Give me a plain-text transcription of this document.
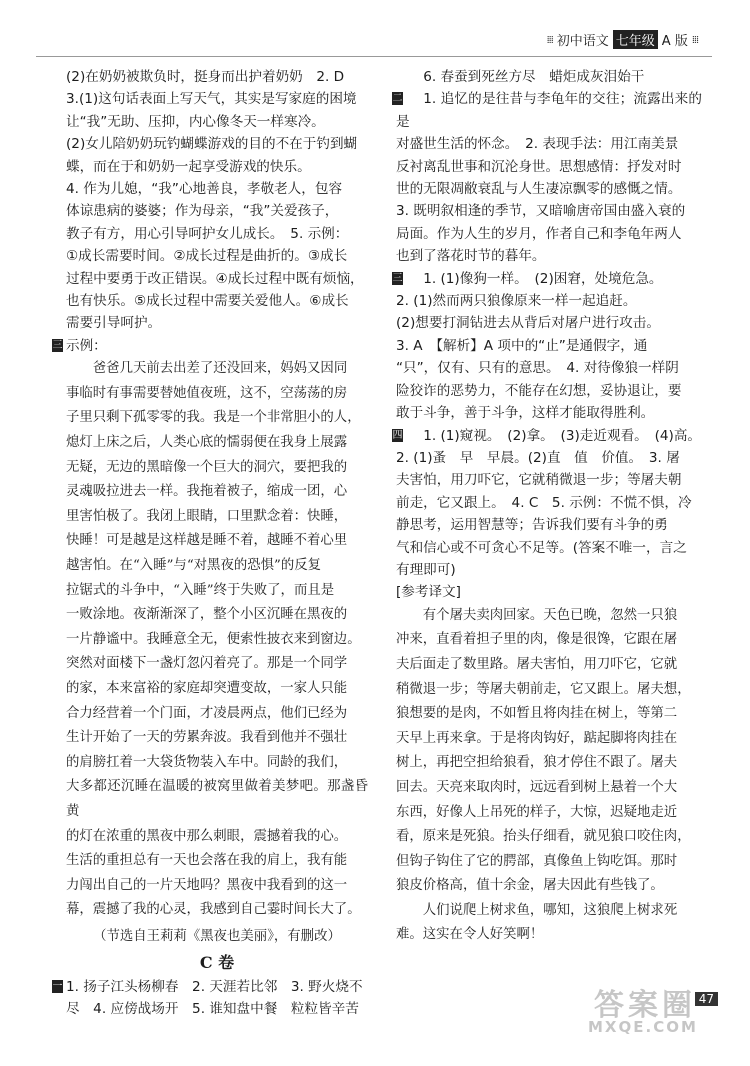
⁞⁞⁞ 初中语文 七年级 A 版 ⁞⁞⁞

(2)在奶奶被欺负时，挺身而出护着奶奶　2. D

3.(1)这句话表面上写天气，其实是写家庭的困境

让“我”无助、压抑，内心像冬天一样寒冷。

(2)女儿陪奶奶玩钓蝴蝶游戏的目的不在于钓到蝴

蝶，而在于和奶奶一起享受游戏的快乐。

4. 作为儿媳，“我”心地善良，孝敬老人，包容

体谅患病的婆婆；作为母亲，“我”关爱孩子，

教子有方，用心引导呵护女儿成长。　5. 示例：

①成长需要时间。②成长过程是曲折的。③成长

过程中要勇于改正错误。④成长过程中既有烦恼，

也有快乐。⑤成长过程中需要关爱他人。⑥成长

需要引导呵护。

三 示例：

爸爸几天前去出差了还没回来，妈妈又因同

事临时有事需要替她值夜班，这不，空荡荡的房

子里只剩下孤零零的我。我是一个非常胆小的人，

熄灯上床之后，人类心底的懦弱便在我身上展露

无疑，无边的黑暗像一个巨大的洞穴，要把我的

灵魂吸拉进去一样。我拖着被子，缩成一团，心

里害怕极了。我闭上眼睛，口里默念着：快睡，

快睡！可是越是这样越是睡不着，越睡不着心里

越害怕。在“入睡”与“对黑夜的恐惧”的反复

拉锯式的斗争中，“入睡”终于失败了，而且是

一败涂地。夜渐渐深了，整个小区沉睡在黑夜的

一片静谧中。我睡意全无，便索性披衣来到窗边。

突然对面楼下一盏灯忽闪着亮了。那是一个同学

的家，本来富裕的家庭却突遭变故，一家人只能

合力经营着一个门面，才凌晨两点，他们已经为

生计开始了一天的劳累奔波。我看到他并不强壮

的肩膀扛着一大袋货物装入车中。同龄的我们，

大多都还沉睡在温暖的被窝里做着美梦吧。那盏昏黄

的灯在浓重的黑夜中那么刺眼，震撼着我的心。

生活的重担总有一天也会落在我的肩上，我有能

力闯出自己的一片天地吗？黑夜中我看到的这一

幕，震撼了我的心灵，我感到自己霎时间长大了。

（节选自王莉莉《黑夜也美丽》，有删改）

C 卷

一 1. 扬子江头杨柳春　2. 天涯若比邻　3. 野火烧不

尽　4. 应傍战场开　5. 谁知盘中餐　粒粒皆辛苦

6. 春蚕到死丝方尽　蜡炬成灰泪始干

二	1. 追忆的是往昔与李龟年的交往；流露出来的是

对盛世生活的怀念。　2. 表现手法：用江南美景

反衬离乱世事和沉沦身世。思想感情：抒发对时

世的无限凋敝衰乱与人生凄凉飘零的感慨之情。

3. 既明叙相逢的季节，又暗喻唐帝国由盛入衰的

局面。作为人生的岁月，作者自己和李龟年两人

也到了落花时节的暮年。

三	1. (1)像狗一样。　(2)困窘，处境危急。

2. (1)然而两只狼像原来一样一起追赶。

(2)想要打洞钻进去从背后对屠户进行攻击。

3. A　【解析】A 项中的“止”是通假字，通

“只”，仅有、只有的意思。　4. 对待像狼一样阴

险狡诈的恶势力，不能存在幻想，妥协退让，要

敢于斗争，善于斗争，这样才能取得胜利。

四	1. (1)窥视。　(2)拿。　(3)走近观看。　(4)高。

2. (1)蚤　早　早晨。(2)直　值　价值。　3. 屠

夫害怕，用刀吓它，它就稍微退一步；等屠夫朝

前走，它又跟上。　4. C　5. 示例：不慌不惧，冷

静思考，运用智慧等；告诉我们要有斗争的勇

气和信心或不可贪心不足等。(答案不唯一，言之

有理即可)

[参考译文]

有个屠夫卖肉回家。天色已晚，忽然一只狼

冲来，直看着担子里的肉，像是很馋，它跟在屠

夫后面走了数里路。屠夫害怕，用刀吓它，它就

稍微退一步；等屠夫朝前走，它又跟上。屠夫想，

狼想要的是肉，不如暂且将肉挂在树上，等第二

天早上再来拿。于是将肉钩好，踮起脚将肉挂在

树上，再把空担给狼看，狼才停住不跟了。屠夫

回去。天亮来取肉时，远远看到树上悬着一个大

东西，好像人上吊死的样子，大惊，迟疑地走近

看，原来是死狼。抬头仔细看，就见狼口咬住肉，

但钩子钩住了它的腭部，真像鱼上钩吃饵。那时

狼皮价格高，值十余金，屠夫因此有些钱了。

人们说爬上树求鱼，哪知，这狼爬上树求死

难。这实在令人好笑啊！

47
答案圈
MXQE.COM
